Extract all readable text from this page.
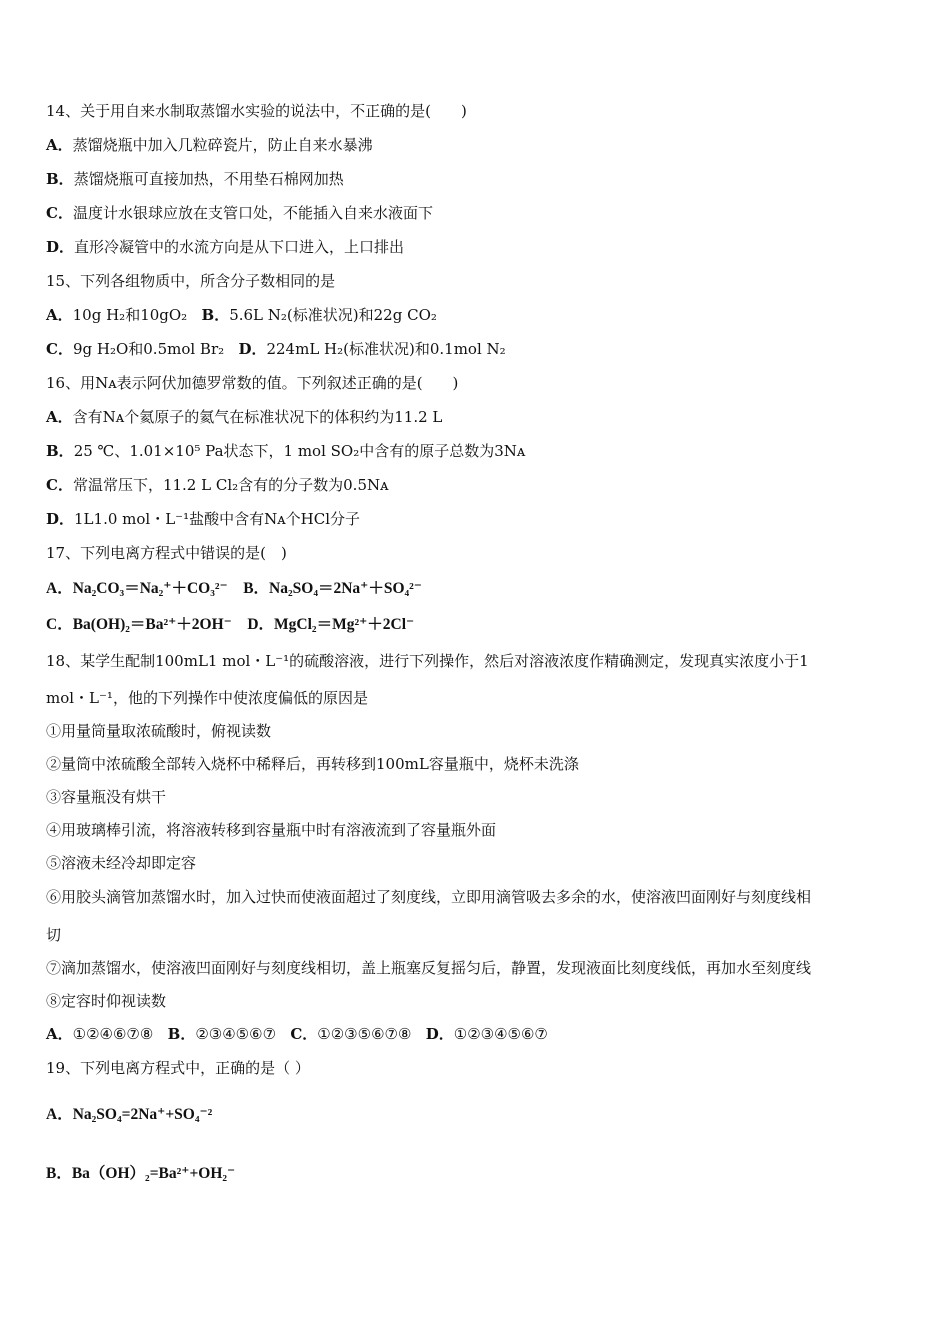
14、关于用自来水制取蒸馏水实验的说法中，不正确的是(　　)
A．蒸馏烧瓶中加入几粒碎瓷片，防止自来水暴沸
B．蒸馏烧瓶可直接加热，不用垫石棉网加热
C．温度计水银球应放在支管口处，不能插入自来水液面下
D．直形冷凝管中的水流方向是从下口进入，上口排出
15、下列各组物质中，所含分子数相同的是
A．10g H₂和10gO₂ B．5.6L N₂(标准状况)和22g CO₂
C．9g H₂O和0.5mol Br₂ D．224mL H₂(标准状况)和0.1mol N₂
16、用Nᴀ表示阿伏加德罗常数的值。下列叙述正确的是(　　)
A．含有Nᴀ个氦原子的氦气在标准状况下的体积约为11.2 L
B．25 ℃、1.01×10⁵ Pa状态下，1 mol SO₂中含有的原子总数为3Nᴀ
C．常温常压下，11.2 L Cl₂含有的分子数为0.5Nᴀ
D．1L1.0 mol・L⁻¹盐酸中含有Nᴀ个HCl分子
17、下列电离方程式中错误的是(　)
A．Na₂CO₃＝Na₂⁺＋CO₃²⁻ B．Na₂SO₄＝2Na⁺＋SO₄²⁻
C．Ba(OH)₂＝Ba²⁺＋2OH⁻ D．MgCl₂＝Mg²⁺＋2Cl⁻
18、某学生配制100mL1 mol・L⁻¹的硫酸溶液，进行下列操作，然后对溶液浓度作精确测定，发现真实浓度小于1
mol・L⁻¹，他的下列操作中使浓度偏低的原因是
①用量筒量取浓硫酸时，俯视读数
②量筒中浓硫酸全部转入烧杯中稀释后，再转移到100mL容量瓶中，烧杯未洗涤
③容量瓶没有烘干
④用玻璃棒引流，将溶液转移到容量瓶中时有溶液流到了容量瓶外面
⑤溶液未经冷却即定容
⑥用胶头滴管加蒸馏水时，加入过快而使液面超过了刻度线，立即用滴管吸去多余的水，使溶液凹面刚好与刻度线相
切
⑦滴加蒸馏水，使溶液凹面刚好与刻度线相切，盖上瓶塞反复摇匀后，静置，发现液面比刻度线低，再加水至刻度线
⑧定容时仰视读数
A．①②④⑥⑦⑧ B．②③④⑤⑥⑦ C．①②③⑤⑥⑦⑧ D．①②③④⑤⑥⑦
19、下列电离方程式中，正确的是（ ）
A．Na₂SO₄=2Na⁺+SO₄⁻²
B．Ba（OH）₂=Ba²⁺+OH₂⁻
